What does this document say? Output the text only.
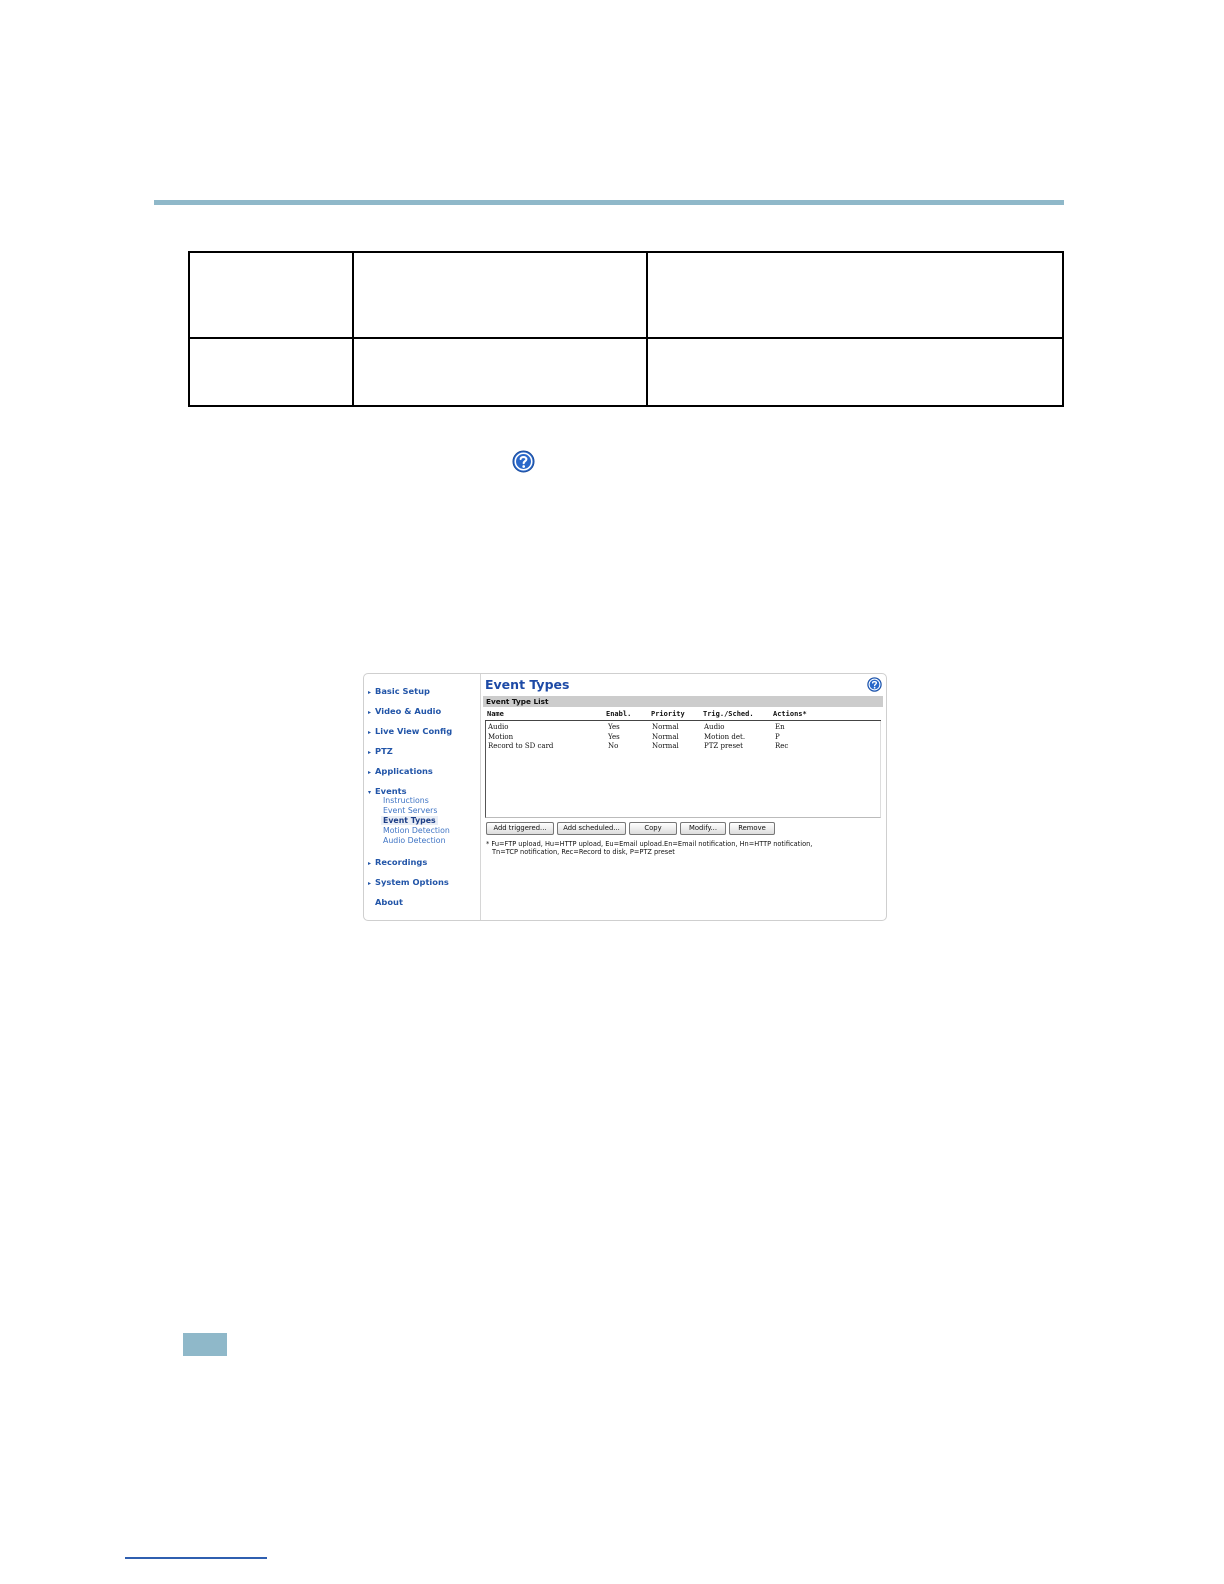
▸ Basic Setup
▸ Video & Audio
▸ Live View Config
▸ PTZ
▸ Applications
▾ Events
Instructions
Event Servers
Event Types
Motion Detection
Audio Detection
▸ Recordings
▸ System Options
About
Event Types
Event Type List
Name	Enabl.	Priority	Trig./Sched.	Actions*
Audio	Yes	Normal	Audio	En
Motion	Yes	Normal	Motion det.	P
Record to SD card	No	Normal	PTZ preset	Rec
Add triggered...	Add scheduled...	Copy	Modify...	Remove
* Fu=FTP upload, Hu=HTTP upload, Eu=Email upload.En=Email notification, Hn=HTTP notification,
Tn=TCP notification, Rec=Record to disk, P=PTZ preset
